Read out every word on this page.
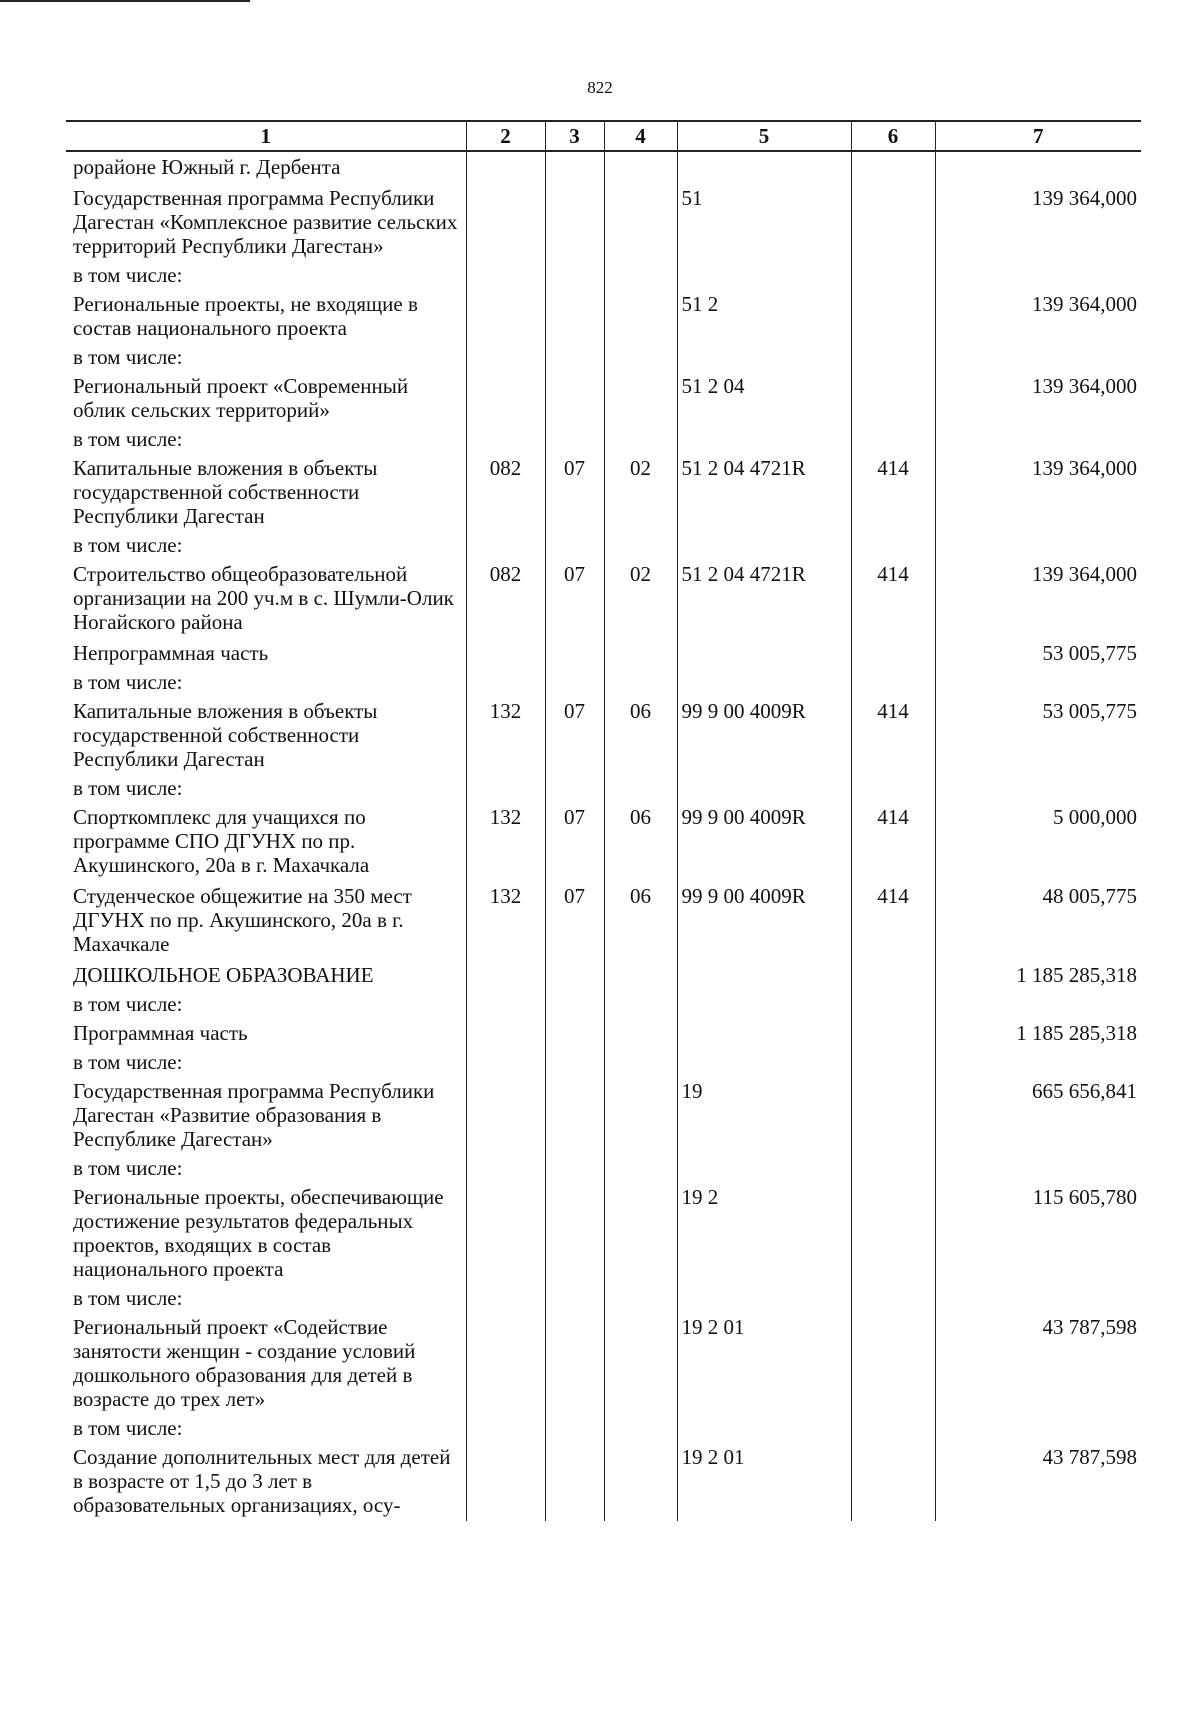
822
1	2	3	4	5	6	7
рорайоне Южный г. Дербента						
Государственная программа Республики Дагестан «Комплексное развитие сельских территорий Республики Дагестан»				51		139 364,000
в том числе:						
Региональные проекты, не входящие в состав национального проекта				51 2		139 364,000
в том числе:						
Региональный проект «Современный облик сельских территорий»				51 2 04		139 364,000
в том числе:						
Капитальные вложения в объекты государственной собственности Республики Дагестан	082	07	02	51 2 04 4721R	414	139 364,000
в том числе:						
Строительство общеобразовательной организации на 200 уч.м в с. Шумли-Олик Ногайского района	082	07	02	51 2 04 4721R	414	139 364,000
Непрограммная часть						53 005,775
в том числе:						
Капитальные вложения в объекты государственной собственности Республики Дагестан	132	07	06	99 9 00 4009R	414	53 005,775
в том числе:						
Спорткомплекс для учащихся по программе СПО ДГУНХ по пр. Акушинского, 20а в г. Махачкала	132	07	06	99 9 00 4009R	414	5 000,000
Студенческое общежитие на 350 мест ДГУНХ по пр. Акушинского, 20а в г. Махачкале	132	07	06	99 9 00 4009R	414	48 005,775
ДОШКОЛЬНОЕ ОБРАЗОВАНИЕ						1 185 285,318
в том числе:						
Программная часть						1 185 285,318
в том числе:						
Государственная программа Республики Дагестан «Развитие образования в Республике Дагестан»				19		665 656,841
в том числе:						
Региональные проекты, обеспечивающие достижение результатов федеральных проектов, входящих в состав национального проекта				19 2		115 605,780
в том числе:						
Региональный проект «Содействие занятости женщин - создание условий дошкольного образования для детей в возрасте до трех лет»				19 2 01		43 787,598
в том числе:						
Создание дополнительных мест для детей в возрасте от 1,5 до 3 лет в образовательных организациях, осу-				19 2 01		43 787,598
